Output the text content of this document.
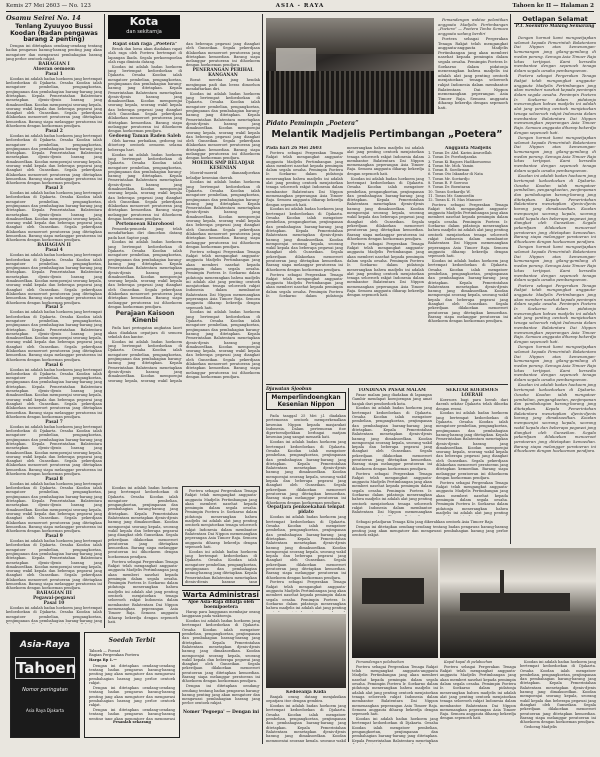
Kemis 27 Mei 2603 — No. 123	ASIA - RAYA	Tahoen ke II — Halaman 2
Osamu Seirei No. 14
Tenlang Zyuuyoo Bussi Koodan (Badan pengawas barang 2 penting)

Dengan ini ditetapkan oendang-oendang tentang badan pengawas barang-barang penting jang akan mengatoer dan mengawasi pembahagian barang jang perloe oentoek rakjat.

BAHAGIAN I
Atoeran oemoem
Pasal 1

Koodan ini adalah badan hoekoem jang bertempat kedoedoekan di Djakarta. Oesaha Koodan ialah mengatoer pembelian, pengangkoetan, penjimpanan dan pembahagian barang-barang jang ditetapkan. Kepala Pemerintahan Balatentara menetapkan djenis-djenis barang jang dimaksoedkan. Koodan mempoenjai seorang kepala, seorang wakil kepala dan beberapa pegawai jang diangkat oleh Gunseikan. Segala pekerdjaan dilakoekan menoeroet peratoeran jang ditetapkan kemoedian. Barang siapa melanggar peratoeran ini dihoekoem dengan hoekoeman pendjara.

Pasal 2

Koodan ini adalah badan hoekoem jang bertempat kedoedoekan di Djakarta. Oesaha Koodan ialah mengatoer pembelian, pengangkoetan, penjimpanan dan pembahagian barang-barang jang ditetapkan. Kepala Pemerintahan Balatentara menetapkan djenis-djenis barang jang dimaksoedkan. Koodan mempoenjai seorang kepala, seorang wakil kepala dan beberapa pegawai jang diangkat oleh Gunseikan. Segala pekerdjaan dilakoekan menoeroet peratoeran jang ditetapkan kemoedian. Barang siapa melanggar peratoeran ini dihoekoem dengan hoekoeman pendjara.

Pasal 3

Koodan ini adalah badan hoekoem jang bertempat kedoedoekan di Djakarta. Oesaha Koodan ialah mengatoer pembelian, pengangkoetan, penjimpanan dan pembahagian barang-barang jang ditetapkan. Kepala Pemerintahan Balatentara menetapkan djenis-djenis barang jang dimaksoedkan. Koodan mempoenjai seorang kepala, seorang wakil kepala dan beberapa pegawai jang diangkat oleh Gunseikan. Segala pekerdjaan dilakoekan menoeroet peratoeran jang ditetapkan kemoedian. Barang siapa melanggar peratoeran ini dihoekoem dengan hoekoeman pendjara.

BAHAGIAN II
Pasal 4

Koodan ini adalah badan hoekoem jang bertempat kedoedoekan di Djakarta. Oesaha Koodan ialah mengatoer pembelian, pengangkoetan, penjimpanan dan pembahagian barang-barang jang ditetapkan. Kepala Pemerintahan Balatentara menetapkan djenis-djenis barang jang dimaksoedkan. Koodan mempoenjai seorang kepala, seorang wakil kepala dan beberapa pegawai jang diangkat oleh Gunseikan. Segala pekerdjaan dilakoekan menoeroet peratoeran jang ditetapkan kemoedian. Barang siapa melanggar peratoeran ini dihoekoem dengan hoekoeman pendjara.

Pasal 5

Koodan ini adalah badan hoekoem jang bertempat kedoedoekan di Djakarta. Oesaha Koodan ialah mengatoer pembelian, pengangkoetan, penjimpanan dan pembahagian barang-barang jang ditetapkan. Kepala Pemerintahan Balatentara menetapkan djenis-djenis barang jang dimaksoedkan. Koodan mempoenjai seorang kepala, seorang wakil kepala dan beberapa pegawai jang diangkat oleh Gunseikan. Segala pekerdjaan dilakoekan menoeroet peratoeran jang ditetapkan kemoedian. Barang siapa melanggar peratoeran ini dihoekoem dengan hoekoeman pendjara.

Pasal 6

Koodan ini adalah badan hoekoem jang bertempat kedoedoekan di Djakarta. Oesaha Koodan ialah mengatoer pembelian, pengangkoetan, penjimpanan dan pembahagian barang-barang jang ditetapkan. Kepala Pemerintahan Balatentara menetapkan djenis-djenis barang jang dimaksoedkan. Koodan mempoenjai seorang kepala, seorang wakil kepala dan beberapa pegawai jang diangkat oleh Gunseikan. Segala pekerdjaan dilakoekan menoeroet peratoeran jang ditetapkan kemoedian. Barang siapa melanggar peratoeran ini dihoekoem dengan hoekoeman pendjara.

Pasal 7

Koodan ini adalah badan hoekoem jang bertempat kedoedoekan di Djakarta. Oesaha Koodan ialah mengatoer pembelian, pengangkoetan, penjimpanan dan pembahagian barang-barang jang ditetapkan. Kepala Pemerintahan Balatentara menetapkan djenis-djenis barang jang dimaksoedkan. Koodan mempoenjai seorang kepala, seorang wakil kepala dan beberapa pegawai jang diangkat oleh Gunseikan. Segala pekerdjaan dilakoekan menoeroet peratoeran jang ditetapkan kemoedian. Barang siapa melanggar peratoeran ini dihoekoem dengan hoekoeman pendjara.

Pasal 8

Koodan ini adalah badan hoekoem jang bertempat kedoedoekan di Djakarta. Oesaha Koodan ialah mengatoer pembelian, pengangkoetan, penjimpanan dan pembahagian barang-barang jang ditetapkan. Kepala Pemerintahan Balatentara menetapkan djenis-djenis barang jang dimaksoedkan. Koodan mempoenjai seorang kepala, seorang wakil kepala dan beberapa pegawai jang diangkat oleh Gunseikan. Segala pekerdjaan dilakoekan menoeroet peratoeran jang ditetapkan kemoedian. Barang siapa melanggar peratoeran ini dihoekoem dengan hoekoeman pendjara.

Pasal 9

Koodan ini adalah badan hoekoem jang bertempat kedoedoekan di Djakarta. Oesaha Koodan ialah mengatoer pembelian, pengangkoetan, penjimpanan dan pembahagian barang-barang jang ditetapkan. Kepala Pemerintahan Balatentara menetapkan djenis-djenis barang jang dimaksoedkan. Koodan mempoenjai seorang kepala, seorang wakil kepala dan beberapa pegawai jang diangkat oleh Gunseikan. Segala pekerdjaan dilakoekan menoeroet peratoeran jang ditetapkan kemoedian. Barang siapa melanggar peratoeran ini dihoekoem dengan hoekoeman pendjara.

BAHAGIAN III
Pegawai-pegawai
Pasal 10

Koodan ini adalah badan hoekoem jang bertempat kedoedoekan di Djakarta. Oesaha Koodan ialah mengatoer pembelian, pengangkoetan, penjimpanan dan pembahagian barang-barang jang

Asia-Raya
Tahoen
Nomor peringatan
Asia Raya Djakarta
Soedah Terbit
Taboeh — Poesat
Bagian Pergerakan Poetera
Harga Rp 1.—

Dengan ini ditetapkan oendang-oendang tentang badan pengawas barang-barang penting jang akan mengatoer dan mengawasi pembahagian barang jang perloe oentoek rakjat.

Dengan ini ditetapkan oendang-oendang tentang badan pengawas barang-barang penting jang akan mengatoer dan mengawasi pembahagian barang jang perloe oentoek rakjat.

Dengan ini ditetapkan oendang-oendang tentang badan pengawas barang-barang penting jang akan mengatoer dan mengawasi

Pesanlah sekarang
Kota
dan sekitarnja
Rapat olah raga „Poetera”

Besok dan loesa akan diadakan rapat olah raga oleh Poetera bertempat di lapangan Ikada. Segala perkoempoelan olah raga diminta datang.

Koodan ini adalah badan hoekoem jang bertempat kedoedoekan di Djakarta. Oesaha Koodan ialah mengatoer pembelian, pengangkoetan, penjimpanan dan pembahagian barang-barang jang ditetapkan. Kepala Pemerintahan Balatentara menetapkan djenis-djenis barang jang dimaksoedkan. Koodan mempoenjai seorang kepala, seorang wakil kepala dan beberapa pegawai jang diangkat oleh Gunseikan. Segala pekerdjaan dilakoekan menoeroet peratoeran jang ditetapkan kemoedian. Barang siapa melanggar peratoeran ini dihoekoem dengan hoekoeman pendjara.

Gedoeng Taman Raden Saleh

Oleh karena perbaikan, gedoeng ini ditoetoep oentoek oemoem selama beberapa hari.

Koodan ini adalah badan hoekoem jang bertempat kedoedoekan di Djakarta. Oesaha Koodan ialah mengatoer pembelian, pengangkoetan, penjimpanan dan pembahagian barang-barang jang ditetapkan. Kepala Pemerintahan Balatentara menetapkan djenis-djenis barang jang dimaksoedkan. Koodan mempoenjai seorang kepala, seorang wakil kepala dan beberapa pegawai jang diangkat oleh Gunseikan. Segala pekerdjaan dilakoekan menoeroet peratoeran jang ditetapkan kemoedian. Barang siapa melanggar peratoeran ini dihoekoem dengan hoekoeman pendjara.

Pertemoean Kinrohoosi

Pemoeda-pemoeda jang telah mendaftarkan diri dimoehon datang pada hari Saptoe pagi.

Koodan ini adalah badan hoekoem jang bertempat kedoedoekan di Djakarta. Oesaha Koodan ialah mengatoer pembelian, pengangkoetan, penjimpanan dan pembahagian barang-barang jang ditetapkan. Kepala Pemerintahan Balatentara menetapkan djenis-djenis barang jang dimaksoedkan. Koodan mempoenjai seorang kepala, seorang wakil kepala dan beberapa pegawai jang diangkat oleh Gunseikan. Segala pekerdjaan dilakoekan menoeroet peratoeran jang ditetapkan kemoedian. Barang siapa melanggar peratoeran ini dihoekoem dengan hoekoeman pendjara.

Perajaan Kaisoon Kinenbi

Pada hari peringatan angkatan laoet akan diadakan oepatjara di semoea sekolah dan kantor.

Koodan ini adalah badan hoekoem jang bertempat kedoedoekan di Djakarta. Oesaha Koodan ialah mengatoer pembelian, pengangkoetan, penjimpanan dan pembahagian barang-barang jang ditetapkan. Kepala Pemerintahan Balatentara menetapkan djenis-djenis barang jang dimaksoedkan. Koodan mempoenjai seorang kepala, seorang wakil kepala dan beberapa pegawai jang diangkat oleh Gunseikan. Segala pekerdjaan dilakoekan menoeroet peratoeran jang ditetapkan kemoedian. Barang siapa melanggar peratoeran ini dihoekoem dengan hoekoeman pendjara.

PENERANGAN PERIHAL KANGANAN

Boeat mereka jang hendak menjimpan padi dan beras dimoehon mendaftarkan diri.

Koodan ini adalah badan hoekoem jang bertempat kedoedoekan di Djakarta. Oesaha Koodan ialah mengatoer pembelian, pengangkoetan, penjimpanan dan pembahagian barang-barang jang ditetapkan. Kepala Pemerintahan Balatentara menetapkan djenis-djenis barang jang dimaksoedkan. Koodan mempoenjai seorang kepala, seorang wakil kepala dan beberapa pegawai jang diangkat oleh Gunseikan. Segala pekerdjaan dilakoekan menoeroet peratoeran jang ditetapkan kemoedian. Barang siapa melanggar peratoeran ini dihoekoem dengan hoekoeman pendjara.

MOEDIK SMP BELADJAR KESENIAN

Moerid-moerid dianandjoerkan beladjar kesenian daerah.

Koodan ini adalah badan hoekoem jang bertempat kedoedoekan di Djakarta. Oesaha Koodan ialah mengatoer pembelian, pengangkoetan, penjimpanan dan pembahagian barang-barang jang ditetapkan. Kepala Pemerintahan Balatentara menetapkan djenis-djenis barang jang dimaksoedkan. Koodan mempoenjai seorang kepala, seorang wakil kepala dan beberapa pegawai jang diangkat oleh Gunseikan. Segala pekerdjaan dilakoekan menoeroet peratoeran jang ditetapkan kemoedian. Barang siapa melanggar peratoeran ini dihoekoem dengan hoekoeman pendjara.

Poetera sebagai Pergerakan Tenaga Rakjat telah mengangkat anggauta-anggauta Madjelis Pertimbangan jang akan memberi nasehat kepada pemimpin dalam segala oesaha. Pemimpin Poetera Ir. Soekarno dalam pidatonja menerangkan bahwa madjelis ini adalah alat jang penting oentoek menjatoekan tenaga seloeroeh rakjat Indonesia dalam membantoe Balatentara Dai Nippon memenangkan peperangan Asia Timoer Raja. Semoea anggauta diharap bekerdja dengan sepenoeh hati.

Koodan ini adalah badan hoekoem jang bertempat kedoedoekan di Djakarta. Oesaha Koodan ialah mengatoer pembelian, pengangkoetan, penjimpanan dan pembahagian barang-barang jang ditetapkan. Kepala Pemerintahan Balatentara menetapkan djenis-djenis barang jang dimaksoedkan. Koodan mempoenjai seorang kepala, seorang wakil kepala dan beberapa pegawai jang diangkat oleh Gunseikan. Segala pekerdjaan dilakoekan menoeroet peratoeran jang ditetapkan kemoedian. Barang siapa melanggar peratoeran ini dihoekoem dengan hoekoeman pendjara.

Poetera sebagai Pergerakan Tenaga Rakjat telah mengangkat anggauta-anggauta Madjelis Pertimbangan jang akan memberi nasehat kepada pemimpin dalam segala oesaha. Pemimpin Poetera Ir. Soekarno dalam pidatonja menerangkan bahwa madjelis ini adalah alat jang penting oentoek menjatoekan tenaga seloeroeh rakjat Indonesia dalam membantoe Balatentara Dai Nippon memenangkan peperangan Asia Timoer Raja. Semoea anggauta diharap bekerdja dengan sepenoeh hati.

Koodan ini adalah badan hoekoem jang bertempat kedoedoekan di Djakarta. Oesaha Koodan ialah mengatoer pembelian, pengangkoetan, penjimpanan dan pembahagian barang-barang jang ditetapkan. Kepala Pemerintahan Balatentara menetapkan djenis-djenis barang jang

Warta Administrasi
Ajoe Asia-Raja dibatja oleh boemipoetera

Harap para langganan membajar oeang langganan pada waktoenja.

Koodan ini adalah badan hoekoem jang bertempat kedoedoekan di Djakarta. Oesaha Koodan ialah mengatoer pembelian, pengangkoetan, penjimpanan dan pembahagian barang-barang jang ditetapkan. Kepala Pemerintahan Balatentara menetapkan djenis-djenis barang jang dimaksoedkan. Koodan mempoenjai seorang kepala, seorang wakil kepala dan beberapa pegawai jang diangkat oleh Gunseikan. Segala pekerdjaan dilakoekan menoeroet peratoeran jang ditetapkan kemoedian. Barang siapa melanggar peratoeran ini dihoekoem dengan hoekoeman pendjara.

Dengan ini ditetapkan oendang-oendang tentang badan pengawas barang-barang penting jang akan mengatoer dan mengawasi pembahagian barang jang perloe oentoek rakjat.

Nomer 'Pegoepa' — Dengan ini

Koodan ini adalah badan hoekoem jang bertempat kedoedoekan di Djakarta. Oesaha Koodan ialah mengatoer pembelian, pengangkoetan, penjimpanan dan pembahagian barang-barang jang ditetapkan. Kepala Pemerintahan Balatentara menetapkan djenis-djenis barang jang dimaksoedkan. Koodan mempoenjai seorang kepala, seorang wakil kepala dan beberapa pegawai jang diangkat oleh Gunseikan. Segala pekerdjaan dilakoekan menoeroet peratoeran jang ditetapkan kemoedian. Barang siapa melanggar peratoeran ini dihoekoem dengan hoekoeman pendjara.

Poetera sebagai Pergerakan Tenaga Rakjat telah mengangkat anggauta-anggauta Madjelis Pertimbangan jang akan memberi nasehat kepada pemimpin dalam segala oesaha. Pemimpin Poetera Ir. Soekarno dalam pidatonja menerangkan bahwa madjelis ini adalah alat jang penting oentoek menjatoekan tenaga seloeroeh rakjat Indonesia dalam membantoe Balatentara Dai Nippon memenangkan peperangan Asia Timoer Raja. Semoea anggauta diharap bekerdja dengan sepenoeh hati.

Pemandangan waktoe pelantikan anggauta Madjelis Pertimbangan „Poetera” — Poetera Tonbo Semoea anggauta sedang berdiri

Poetera sebagai Pergerakan Tenaga Rakjat telah mengangkat anggauta-anggauta Madjelis Pertimbangan jang akan memberi nasehat kepada pemimpin dalam segala oesaha. Pemimpin Poetera Ir. Soekarno dalam pidatonja menerangkan bahwa madjelis ini adalah alat jang penting oentoek menjatoekan tenaga seloeroeh rakjat Indonesia dalam membantoe Balatentara Dai Nippon memenangkan peperangan Asia Timoer Raja. Semoea anggauta diharap bekerdja dengan sepenoeh hati.

Pidato Pemimpin „Poetera”
Melantik Madjelis Pertimbangan „Poetera”
Pada hari 26 Mei 2603

Poetera sebagai Pergerakan Tenaga Rakjat telah mengangkat anggauta-anggauta Madjelis Pertimbangan jang akan memberi nasehat kepada pemimpin dalam segala oesaha. Pemimpin Poetera Ir. Soekarno dalam pidatonja menerangkan bahwa madjelis ini adalah alat jang penting oentoek menjatoekan tenaga seloeroeh rakjat Indonesia dalam membantoe Balatentara Dai Nippon memenangkan peperangan Asia Timoer Raja. Semoea anggauta diharap bekerdja dengan sepenoeh hati.

Koodan ini adalah badan hoekoem jang bertempat kedoedoekan di Djakarta. Oesaha Koodan ialah mengatoer pembelian, pengangkoetan, penjimpanan dan pembahagian barang-barang jang ditetapkan. Kepala Pemerintahan Balatentara menetapkan djenis-djenis barang jang dimaksoedkan. Koodan mempoenjai seorang kepala, seorang wakil kepala dan beberapa pegawai jang diangkat oleh Gunseikan. Segala pekerdjaan dilakoekan menoeroet peratoeran jang ditetapkan kemoedian. Barang siapa melanggar peratoeran ini dihoekoem dengan hoekoeman pendjara.

Poetera sebagai Pergerakan Tenaga Rakjat telah mengangkat anggauta-anggauta Madjelis Pertimbangan jang akan memberi nasehat kepada pemimpin dalam segala oesaha. Pemimpin Poetera Ir. Soekarno dalam pidatonja menerangkan bahwa madjelis ini adalah alat jang penting oentoek menjatoekan tenaga seloeroeh rakjat Indonesia dalam membantoe Balatentara Dai Nippon memenangkan peperangan Asia Timoer Raja. Semoea anggauta diharap bekerdja dengan sepenoeh hati.

Koodan ini adalah badan hoekoem jang bertempat kedoedoekan di Djakarta. Oesaha Koodan ialah mengatoer pembelian, pengangkoetan, penjimpanan dan pembahagian barang-barang jang ditetapkan. Kepala Pemerintahan Balatentara menetapkan djenis-djenis barang jang dimaksoedkan. Koodan mempoenjai seorang kepala, seorang wakil kepala dan beberapa pegawai jang diangkat oleh Gunseikan. Segala pekerdjaan dilakoekan menoeroet peratoeran jang ditetapkan kemoedian. Barang siapa melanggar peratoeran ini dihoekoem dengan hoekoeman pendjara.

Poetera sebagai Pergerakan Tenaga Rakjat telah mengangkat anggauta-anggauta Madjelis Pertimbangan jang akan memberi nasehat kepada pemimpin dalam segala oesaha. Pemimpin Poetera Ir. Soekarno dalam pidatonja menerangkan bahwa madjelis ini adalah alat jang penting oentoek menjatoekan tenaga seloeroeh rakjat Indonesia dalam membantoe Balatentara Dai Nippon memenangkan peperangan Asia Timoer Raja. Semoea anggauta diharap bekerdja dengan sepenoeh hati.

Anggauta Madjelis
1. Toean Dr. Abd. Karim Amroellah
2. Toean Dr. Poerbatjaraka
3. Toean Ki Bagoes Hadikoesoemo
4. Toean Mr. Moh. Yamin
5. Toean R. Soedirman
6. Toean Oto Iskandar di Nata
7. Toean Mr. Soetardjo
8. Toean R. P. Soeroso
9. Toean Dr. Boentaran
10. Toean Soekardjo W.
11. Toean Mr. Samsoedin
12. Toean K. H. Mas Mansoer

Poetera sebagai Pergerakan Tenaga Rakjat telah mengangkat anggauta-anggauta Madjelis Pertimbangan jang akan memberi nasehat kepada pemimpin dalam segala oesaha. Pemimpin Poetera Ir. Soekarno dalam pidatonja menerangkan bahwa madjelis ini adalah alat jang penting oentoek menjatoekan tenaga seloeroeh rakjat Indonesia dalam membantoe Balatentara Dai Nippon memenangkan peperangan Asia Timoer Raja. Semoea anggauta diharap bekerdja dengan sepenoeh hati.

Koodan ini adalah badan hoekoem jang bertempat kedoedoekan di Djakarta. Oesaha Koodan ialah mengatoer pembelian, pengangkoetan, penjimpanan dan pembahagian barang-barang jang ditetapkan. Kepala Pemerintahan Balatentara menetapkan djenis-djenis barang jang dimaksoedkan. Koodan mempoenjai seorang kepala, seorang wakil kepala dan beberapa pegawai jang diangkat oleh Gunseikan. Segala pekerdjaan dilakoekan menoeroet peratoeran jang ditetapkan kemoedian. Barang siapa melanggar peratoeran ini dihoekoem dengan hoekoeman pendjara.

Djawatan Sjoobun
Memperlindoengkan Kesenian Nippon

Pada tanggal 25 Mei j.l. diadakan pertemoean oentoek memperkenalkan kesenian Nippon kepada masjarakat Indonesia. Dalam pertemoean itoe dipertoendjoekkan berbagai matjam kesenian jang sangat menarik hati.

Koodan ini adalah badan hoekoem jang bertempat kedoedoekan di Djakarta. Oesaha Koodan ialah mengatoer pembelian, pengangkoetan, penjimpanan dan pembahagian barang-barang jang ditetapkan. Kepala Pemerintahan Balatentara menetapkan djenis-djenis barang jang dimaksoedkan. Koodan mempoenjai seorang kepala, seorang wakil kepala dan beberapa pegawai jang diangkat oleh Gunseikan. Segala pekerdjaan dilakoekan menoeroet peratoeran jang ditetapkan kemoedian. Barang siapa melanggar peratoeran ini dihoekoem dengan hoekoeman pendjara.

Oepatjara penkoekahan tempat pidato

Koodan ini adalah badan hoekoem jang bertempat kedoedoekan di Djakarta. Oesaha Koodan ialah mengatoer pembelian, pengangkoetan, penjimpanan dan pembahagian barang-barang jang ditetapkan. Kepala Pemerintahan Balatentara menetapkan djenis-djenis barang jang dimaksoedkan. Koodan mempoenjai seorang kepala, seorang wakil kepala dan beberapa pegawai jang diangkat oleh Gunseikan. Segala pekerdjaan dilakoekan menoeroet peratoeran jang ditetapkan kemoedian. Barang siapa melanggar peratoeran ini dihoekoem dengan hoekoeman pendjara.

Poetera sebagai Pergerakan Tenaga Rakjat telah mengangkat anggauta-anggauta Madjelis Pertimbangan jang akan memberi nasehat kepada pemimpin dalam segala oesaha. Pemimpin Poetera Ir. Soekarno dalam pidatonja menerangkan bahwa madjelis ini adalah alat jang penting

Kedoeanja Kuda

Banjak orang datang menjaksikan oepatjara itoe dengan gembira.

Koodan ini adalah badan hoekoem jang bertempat kedoedoekan di Djakarta. Oesaha Koodan ialah mengatoer pembelian, pengangkoetan, penjimpanan dan pembahagian barang-barang jang ditetapkan. Kepala Pemerintahan Balatentara menetapkan djenis-djenis barang jang dimaksoedkan. Koodan mempoenjai seorang kepala, seorang wakil

TONDINAN PASAR MALAM

Pasar malam jang diadakan di lapangan Gambir mendapat koenjoengan jang amat banjak dari pendoedoek kota.

Koodan ini adalah badan hoekoem jang bertempat kedoedoekan di Djakarta. Oesaha Koodan ialah mengatoer pembelian, pengangkoetan, penjimpanan dan pembahagian barang-barang jang ditetapkan. Kepala Pemerintahan Balatentara menetapkan djenis-djenis barang jang dimaksoedkan. Koodan mempoenjai seorang kepala, seorang wakil kepala dan beberapa pegawai jang diangkat oleh Gunseikan. Segala pekerdjaan dilakoekan menoeroet peratoeran jang ditetapkan kemoedian. Barang siapa melanggar peratoeran ini dihoekoem dengan hoekoeman pendjara.

Poetera sebagai Pergerakan Tenaga Rakjat telah mengangkat anggauta-anggauta Madjelis Pertimbangan jang akan memberi nasehat kepada pemimpin dalam segala oesaha. Pemimpin Poetera Ir. Soekarno dalam pidatonja menerangkan bahwa madjelis ini adalah alat jang penting oentoek menjatoekan tenaga seloeroeh rakjat Indonesia dalam membantoe Balatentara Dai Nippon memenangkan

SEKITAR KOERSOES LOERAH

Koersoes bagi para loerah dari daerah sekitar Djakarta telah diboeka dengan resmi.

Koodan ini adalah badan hoekoem jang bertempat kedoedoekan di Djakarta. Oesaha Koodan ialah mengatoer pembelian, pengangkoetan, penjimpanan dan pembahagian barang-barang jang ditetapkan. Kepala Pemerintahan Balatentara menetapkan djenis-djenis barang jang dimaksoedkan. Koodan mempoenjai seorang kepala, seorang wakil kepala dan beberapa pegawai jang diangkat oleh Gunseikan. Segala pekerdjaan dilakoekan menoeroet peratoeran jang ditetapkan kemoedian. Barang siapa melanggar peratoeran ini dihoekoem dengan hoekoeman pendjara.

Poetera sebagai Pergerakan Tenaga Rakjat telah mengangkat anggauta-anggauta Madjelis Pertimbangan jang akan memberi nasehat kepada pemimpin dalam segala oesaha. Pemimpin Poetera Ir. Soekarno dalam pidatonja menerangkan bahwa madjelis ini adalah alat jang penting

Sebagai peladjaran Tenaga Kita jang dikerahkan oentoek Asia Timoer Raja

Dengan ini ditetapkan oendang-oendang tentang badan pengawas barang-barang penting jang akan mengatoer dan mengawasi pembahagian barang jang perloe oentoek rakjat.

Pemandangan pelaboehan

Poetera sebagai Pergerakan Tenaga Rakjat telah mengangkat anggauta-anggauta Madjelis Pertimbangan jang akan memberi nasehat kepada pemimpin dalam segala oesaha. Pemimpin Poetera Ir. Soekarno dalam pidatonja menerangkan bahwa madjelis ini adalah alat jang penting oentoek menjatoekan tenaga seloeroeh rakjat Indonesia dalam membantoe Balatentara Dai Nippon memenangkan peperangan Asia Timoer Raja. Semoea anggauta diharap bekerdja dengan sepenoeh hati.

Koodan ini adalah badan hoekoem jang bertempat kedoedoekan di Djakarta. Oesaha Koodan ialah mengatoer pembelian, pengangkoetan, penjimpanan dan pembahagian barang-barang jang ditetapkan. Kepala Pemerintahan Balatentara menetapkan

Kapal-kapal di pelaboehan

Poetera sebagai Pergerakan Tenaga Rakjat telah mengangkat anggauta-anggauta Madjelis Pertimbangan jang akan memberi nasehat kepada pemimpin dalam segala oesaha. Pemimpin Poetera Ir. Soekarno dalam pidatonja menerangkan bahwa madjelis ini adalah alat jang penting oentoek menjatoekan tenaga seloeroeh rakjat Indonesia dalam membantoe Balatentara Dai Nippon memenangkan peperangan Asia Timoer Raja. Semoea anggauta diharap bekerdja dengan sepenoeh hati.

Koodan ini adalah badan hoekoem jang bertempat kedoedoekan di Djakarta. Oesaha Koodan ialah mengatoer pembelian, pengangkoetan, penjimpanan dan pembahagian barang-barang jang ditetapkan. Kepala Pemerintahan Balatentara menetapkan djenis-djenis barang jang dimaksoedkan. Koodan mempoenjai seorang kepala, seorang wakil kepala dan beberapa pegawai jang diangkat oleh Gunseikan. Segala pekerdjaan dilakoekan menoeroet peratoeran jang ditetapkan kemoedian. Barang siapa melanggar peratoeran ini dihoekoem dengan hoekoeman pendjara.

Gedoeng Madjelis

Oetlapan Selamat
P.T. Soemitro Malang Semarang

Dengan hormat kami mengoetjapkan selamat kepada Pemerintah Balatentara Dai Nippon atas kemenangan-kemenangan jang gilang-gemilang di medan perang. Semoga Asia Timoer Raja lekas tertjapai. Kami bersedia membantoe dengan sepenoeh tenaga dalam segala oesaha pembangoenan.

Poetera sebagai Pergerakan Tenaga Rakjat telah mengangkat anggauta-anggauta Madjelis Pertimbangan jang akan memberi nasehat kepada pemimpin dalam segala oesaha. Pemimpin Poetera Ir. Soekarno dalam pidatonja menerangkan bahwa madjelis ini adalah alat jang penting oentoek menjatoekan tenaga seloeroeh rakjat Indonesia dalam membantoe Balatentara Dai Nippon memenangkan peperangan Asia Timoer Raja. Semoea anggauta diharap bekerdja dengan sepenoeh hati.

Dengan hormat kami mengoetjapkan selamat kepada Pemerintah Balatentara Dai Nippon atas kemenangan-kemenangan jang gilang-gemilang di medan perang. Semoga Asia Timoer Raja lekas tertjapai. Kami bersedia membantoe dengan sepenoeh tenaga dalam segala oesaha pembangoenan.

Koodan ini adalah badan hoekoem jang bertempat kedoedoekan di Djakarta. Oesaha Koodan ialah mengatoer pembelian, pengangkoetan, penjimpanan dan pembahagian barang-barang jang ditetapkan. Kepala Pemerintahan Balatentara menetapkan djenis-djenis barang jang dimaksoedkan. Koodan mempoenjai seorang kepala, seorang wakil kepala dan beberapa pegawai jang diangkat oleh Gunseikan. Segala pekerdjaan dilakoekan menoeroet peratoeran jang ditetapkan kemoedian. Barang siapa melanggar peratoeran ini dihoekoem dengan hoekoeman pendjara.

Dengan hormat kami mengoetjapkan selamat kepada Pemerintah Balatentara Dai Nippon atas kemenangan-kemenangan jang gilang-gemilang di medan perang. Semoga Asia Timoer Raja lekas tertjapai. Kami bersedia membantoe dengan sepenoeh tenaga dalam segala oesaha pembangoenan.

Poetera sebagai Pergerakan Tenaga Rakjat telah mengangkat anggauta-anggauta Madjelis Pertimbangan jang akan memberi nasehat kepada pemimpin dalam segala oesaha. Pemimpin Poetera Ir. Soekarno dalam pidatonja menerangkan bahwa madjelis ini adalah alat jang penting oentoek menjatoekan tenaga seloeroeh rakjat Indonesia dalam membantoe Balatentara Dai Nippon memenangkan peperangan Asia Timoer Raja. Semoea anggauta diharap bekerdja dengan sepenoeh hati.

Dengan hormat kami mengoetjapkan selamat kepada Pemerintah Balatentara Dai Nippon atas kemenangan-kemenangan jang gilang-gemilang di medan perang. Semoga Asia Timoer Raja lekas tertjapai. Kami bersedia membantoe dengan sepenoeh tenaga dalam segala oesaha pembangoenan.

Koodan ini adalah badan hoekoem jang bertempat kedoedoekan di Djakarta. Oesaha Koodan ialah mengatoer pembelian, pengangkoetan, penjimpanan dan pembahagian barang-barang jang ditetapkan. Kepala Pemerintahan Balatentara menetapkan djenis-djenis barang jang dimaksoedkan. Koodan mempoenjai seorang kepala, seorang wakil kepala dan beberapa pegawai jang diangkat oleh Gunseikan. Segala pekerdjaan dilakoekan menoeroet peratoeran jang ditetapkan kemoedian. Barang siapa melanggar peratoeran ini dihoekoem dengan hoekoeman pendjara.
